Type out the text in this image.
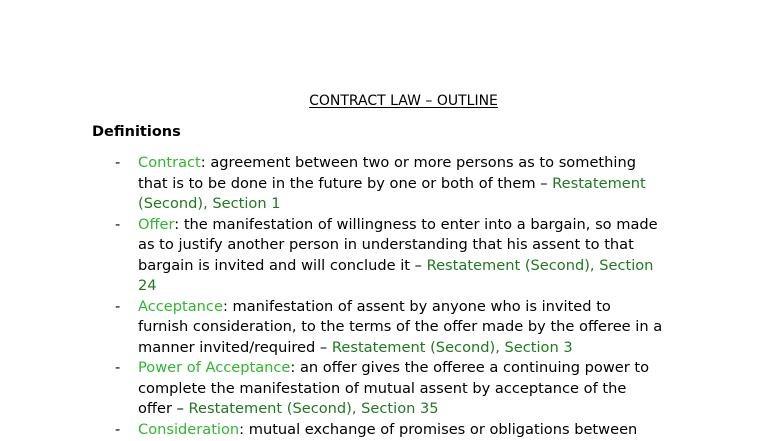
CONTRACT LAW – OUTLINE
Definitions
- Contract: agreement between two or more persons as to something
that is to be done in the future by one or both of them – Restatement
(Second), Section 1
- Offer: the manifestation of willingness to enter into a bargain, so made
as to justify another person in understanding that his assent to that
bargain is invited and will conclude it – Restatement (Second), Section
24
- Acceptance: manifestation of assent by anyone who is invited to
furnish consideration, to the terms of the offer made by the offeree in a
manner invited/required – Restatement (Second), Section 3
- Power of Acceptance: an offer gives the offeree a continuing power to
complete the manifestation of mutual assent by acceptance of the
offer – Restatement (Second), Section 35
- Consideration: mutual exchange of promises or obligations between
